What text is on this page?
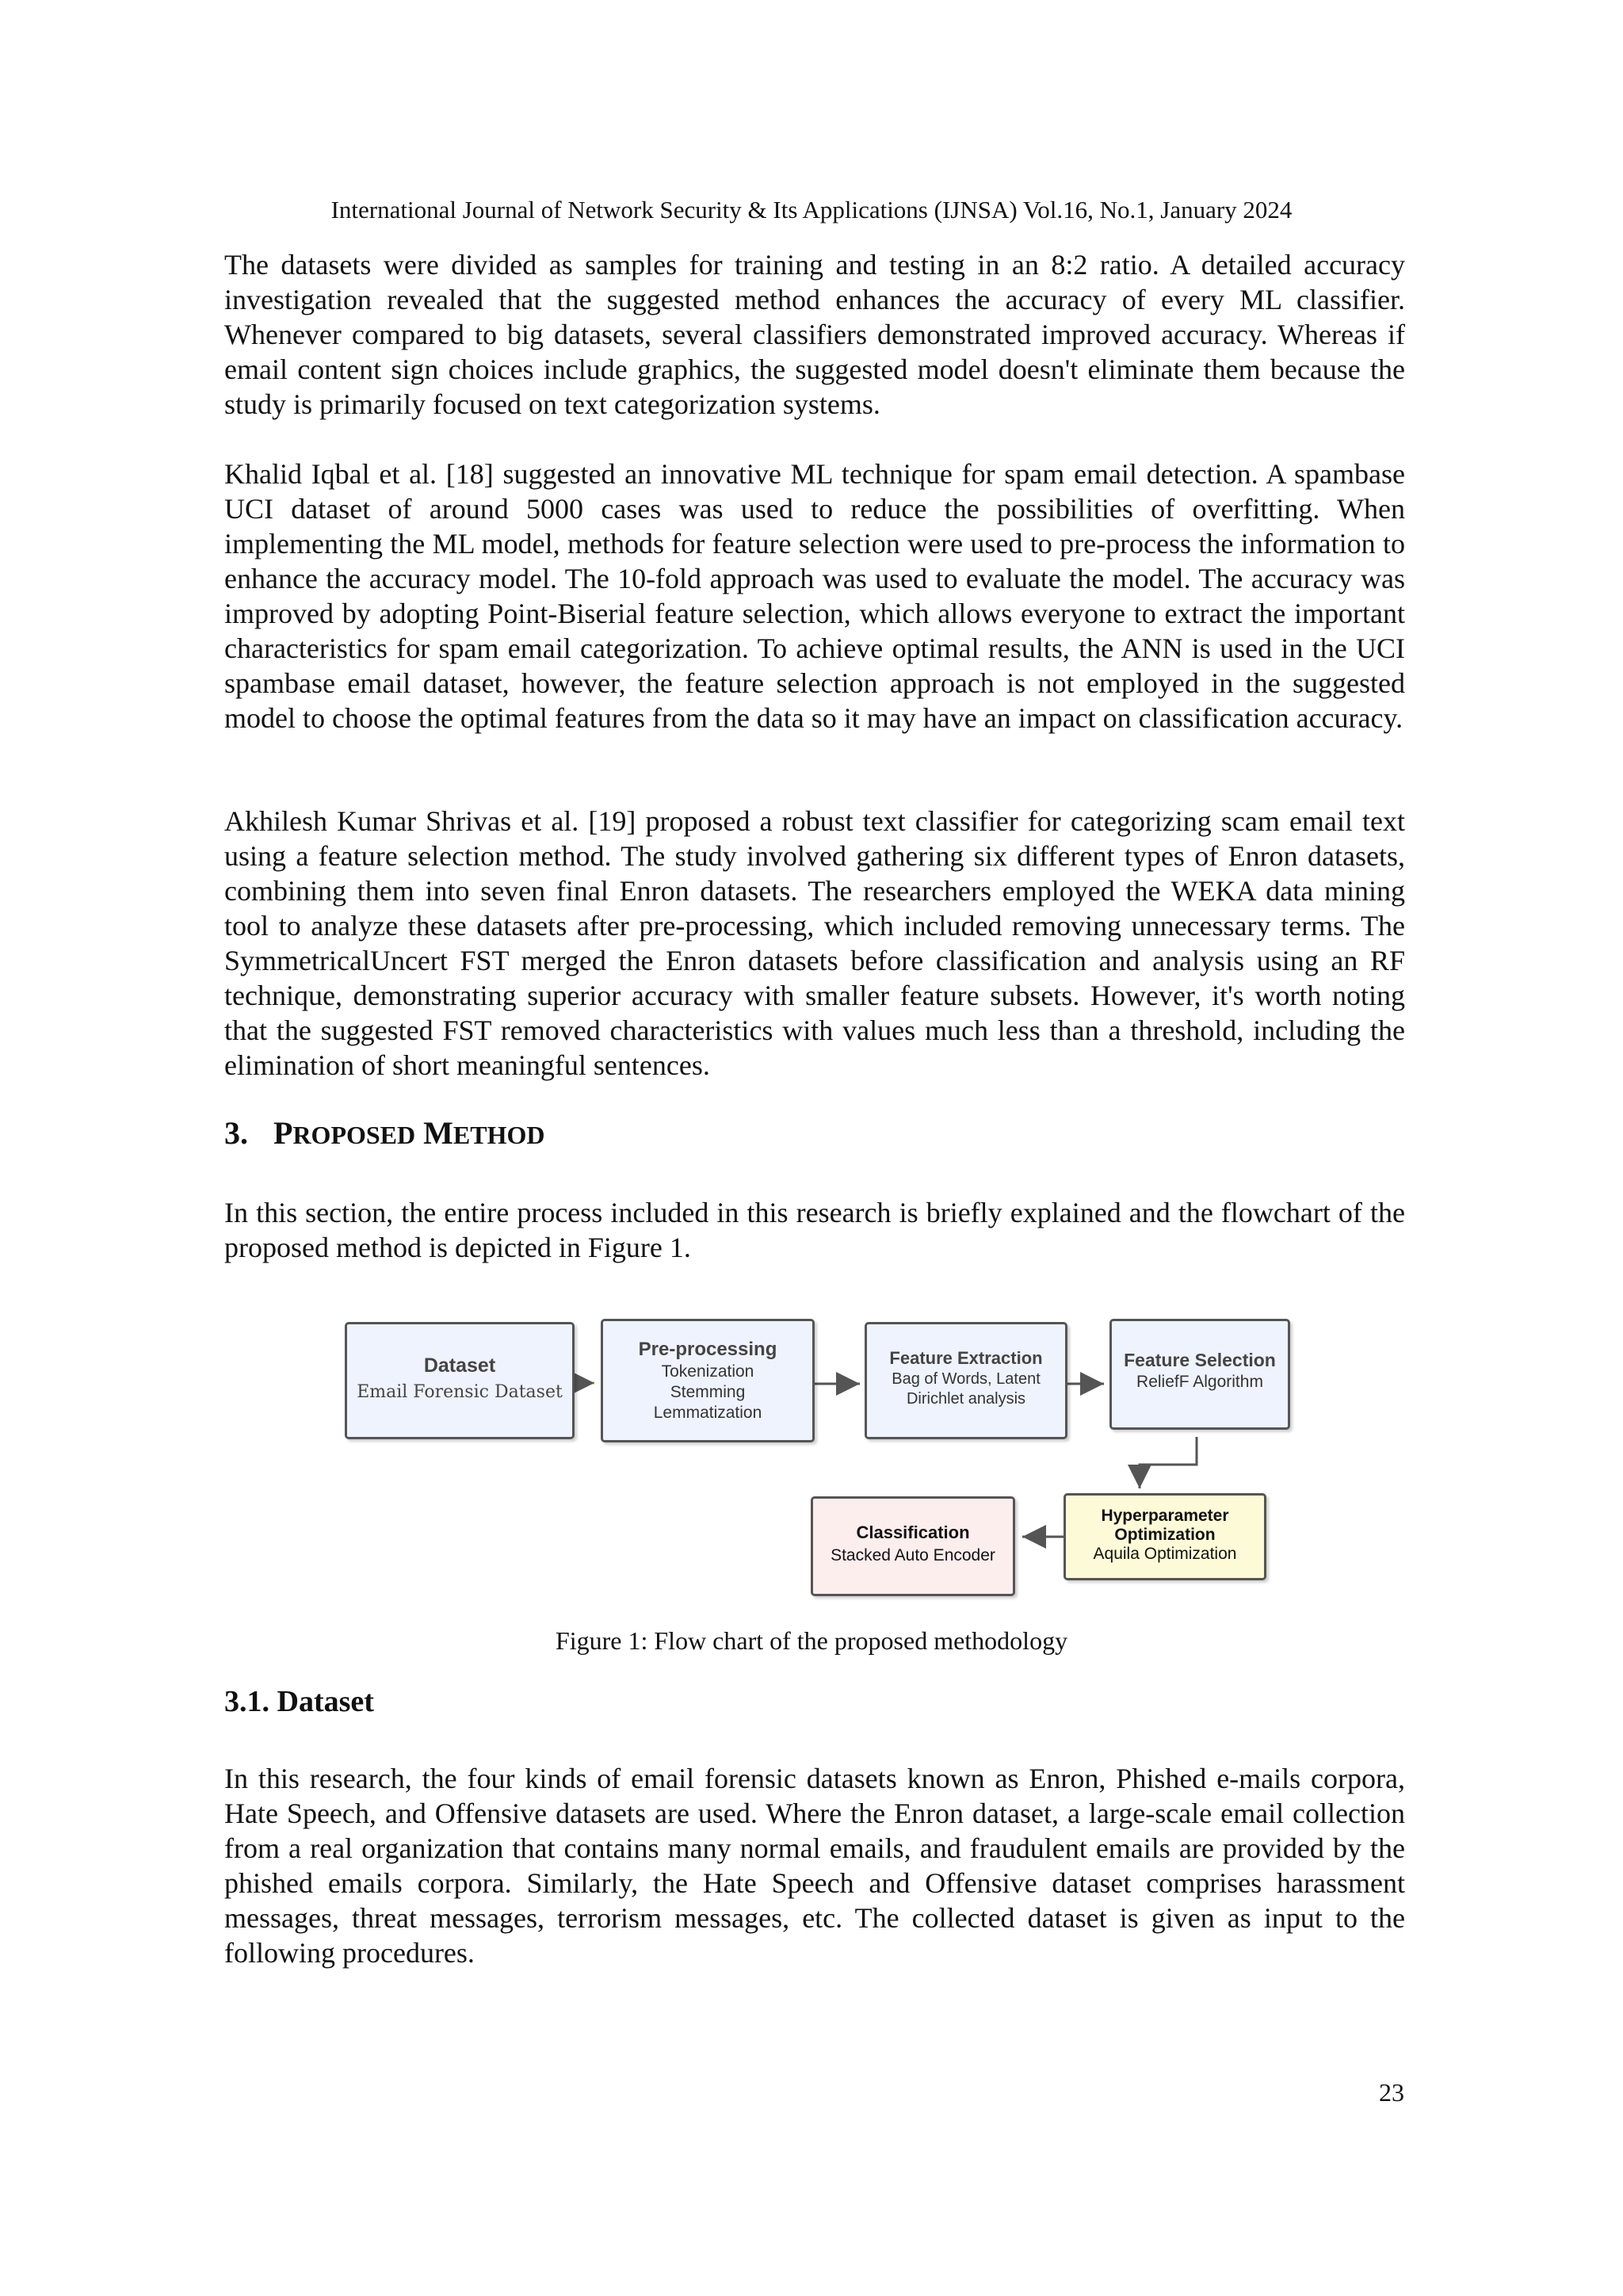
International Journal of Network Security & Its Applications (IJNSA) Vol.16, No.1, January 2024

The datasets were divided as samples for training and testing in an 8:2 ratio. A detailed accuracy investigation revealed that the suggested method enhances the accuracy of every ML classifier. Whenever compared to big datasets, several classifiers demonstrated improved accuracy. Whereas if email content sign choices include graphics, the suggested model doesn't eliminate them because the study is primarily focused on text categorization systems.

Khalid Iqbal et al. [18] suggested an innovative ML technique for spam email detection. A spambase UCI dataset of around 5000 cases was used to reduce the possibilities of overfitting. When implementing the ML model, methods for feature selection were used to pre-process the information to enhance the accuracy model. The 10-fold approach was used to evaluate the model. The accuracy was improved by adopting Point-Biserial feature selection, which allows everyone to extract the important characteristics for spam email categorization. To achieve optimal results, the ANN is used in the UCI spambase email dataset, however, the feature selection approach is not employed in the suggested model to choose the optimal features from the data so it may have an impact on classification accuracy.

Akhilesh Kumar Shrivas et al. [19] proposed a robust text classifier for categorizing scam email text using a feature selection method. The study involved gathering six different types of Enron datasets, combining them into seven final Enron datasets. The researchers employed the WEKA data mining tool to analyze these datasets after pre-processing, which included removing unnecessary terms. The SymmetricalUncert FST merged the Enron datasets before classification and analysis using an RF technique, demonstrating superior accuracy with smaller feature subsets. However, it's worth noting that the suggested FST removed characteristics with values much less than a threshold, including the elimination of short meaningful sentences.

3. PROPOSED METHOD

In this section, the entire process included in this research is briefly explained and the flowchart of the proposed method is depicted in Figure 1.

Dataset
Email Forensic Dataset
Pre-processing
Tokenization
Stemming
Lemmatization
Feature Extraction
Bag of Words, Latent
Dirichlet analysis
Feature Selection
ReliefF Algorithm
Classification
Stacked Auto Encoder
Hyperparameter
Optimization
Aquila Optimization
Figure 1: Flow chart of the proposed methodology
3.1. Dataset

In this research, the four kinds of email forensic datasets known as Enron, Phished e-mails corpora, Hate Speech, and Offensive datasets are used. Where the Enron dataset, a large-scale email collection from a real organization that contains many normal emails, and fraudulent emails are provided by the phished emails corpora. Similarly, the Hate Speech and Offensive dataset comprises harassment messages, threat messages, terrorism messages, etc. The collected dataset is given as input to the following procedures.

23
